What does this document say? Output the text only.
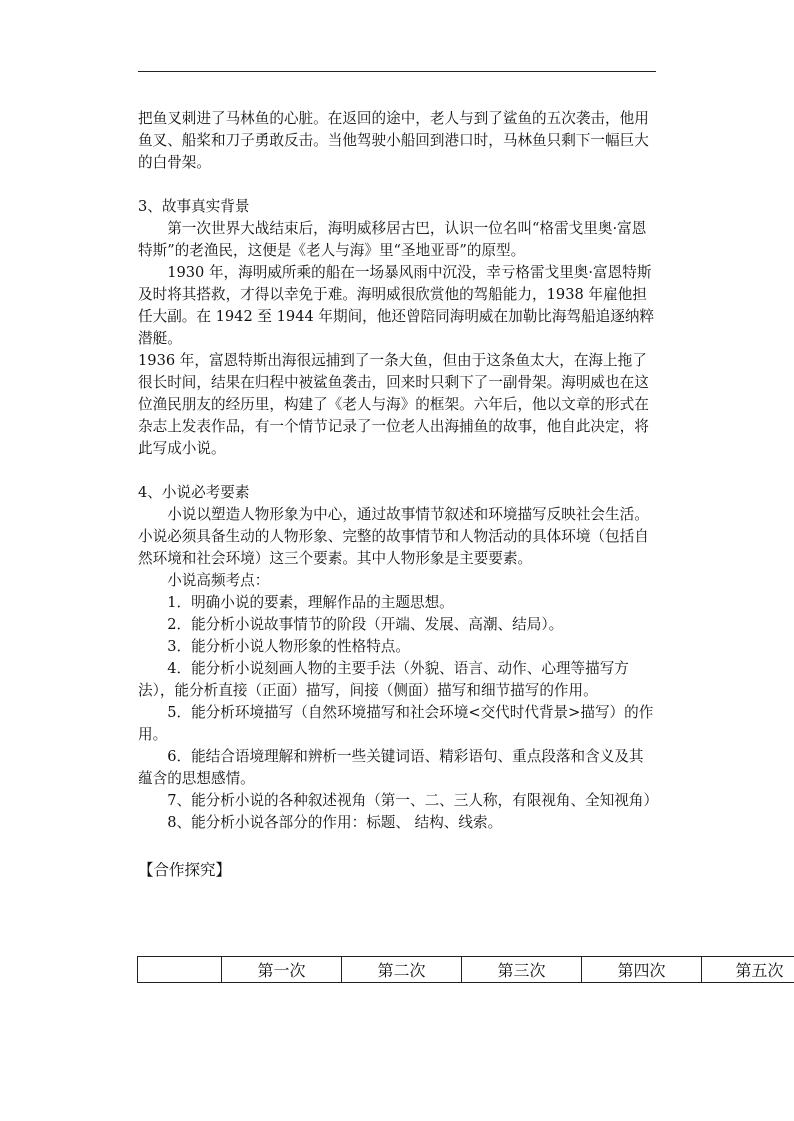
把鱼叉刺进了马林鱼的心脏。在返回的途中，老人与到了鲨鱼的五次袭击，他用鱼叉、船桨和刀子勇敢反击。当他驾驶小船回到港口时，马林鱼只剩下一幅巨大的白骨架。

3、故事真实背景

第一次世界大战结束后，海明威移居古巴，认识一位名叫“格雷戈里奥·富恩特斯”的老渔民，这便是《老人与海》里“圣地亚哥”的原型。

1930 年，海明威所乘的船在一场暴风雨中沉没，幸亏格雷戈里奥·富恩特斯及时将其搭救，才得以幸免于难。海明威很欣赏他的驾船能力，1938 年雇他担任大副。在 1942 至 1944 年期间，他还曾陪同海明威在加勒比海驾船追逐纳粹潜艇。

1936 年，富恩特斯出海很远捕到了一条大鱼，但由于这条鱼太大，在海上拖了很长时间，结果在归程中被鲨鱼袭击，回来时只剩下了一副骨架。海明威也在这位渔民朋友的经历里，构建了《老人与海》的框架。六年后，他以文章的形式在杂志上发表作品，有一个情节记录了一位老人出海捕鱼的故事，他自此决定，将此写成小说。

4、小说必考要素

小说以塑造人物形象为中心，通过故事情节叙述和环境描写反映社会生活。小说必须具备生动的人物形象、完整的故事情节和人物活动的具体环境（包括自然环境和社会环境）这三个要素。其中人物形象是主要要素。

小说高频考点：

1．明确小说的要素，理解作品的主题思想。

2．能分析小说故事情节的阶段（开端、发展、高潮、结局）。

3．能分析小说人物形象的性格特点。

4．能分析小说刻画人物的主要手法（外貌、语言、动作、心理等描写方法），能分析直接（正面）描写，间接（侧面）描写和细节描写的作用。

5．能分析环境描写（自然环境描写和社会环境<交代时代背景>描写）的作用。

6．能结合语境理解和辨析一些关键词语、精彩语句、重点段落和含义及其蕴含的思想感情。

7、能分析小说的各种叙述视角（第一、二、三人称，有限视角、全知视角）

8、能分析小说各部分的作用：标题、 结构、线索。

【合作探究】
	第一次	第二次	第三次	第四次	第五次
